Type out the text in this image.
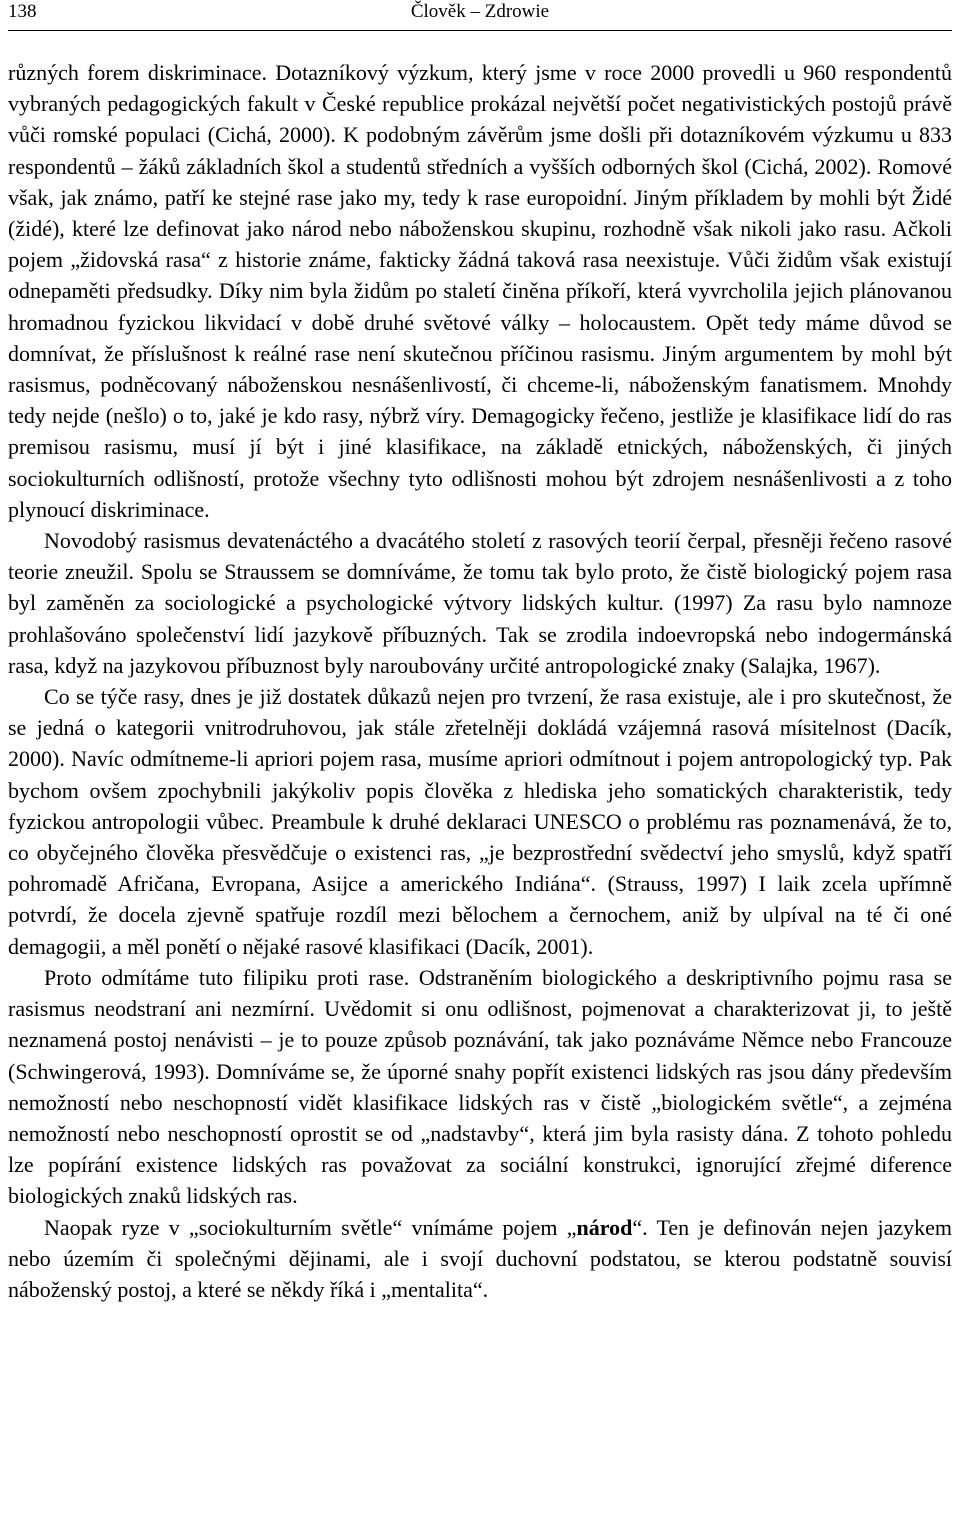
138	Člověk – Zdrowie

různých forem diskriminace. Dotazníkový výzkum, který jsme v roce 2000 provedli u 960 respondentů vybraných pedagogických fakult v České republice prokázal největší počet negativistických postojů právě vůči romské populaci (Cichá, 2000). K podobným závěrům jsme došli při dotazníkovém výzkumu u 833 respondentů – žáků základních škol a studentů středních a vyšších odborných škol (Cichá, 2002). Romové však, jak známo, patří ke stejné rase jako my, tedy k rase europoidní. Jiným příkladem by mohli být Židé (židé), které lze definovat jako národ nebo náboženskou skupinu, rozhodně však nikoli jako rasu. Ačkoli pojem „židovská rasa“ z historie známe, fakticky žádná taková rasa neexistuje. Vůči židům však existují odnepaměti předsudky. Díky nim byla židům po staletí činěna příkoří, která vyvrcholila jejich plánovanou hromadnou fyzickou likvidací v době druhé světové války – holocaustem. Opět tedy máme důvod se domnívat, že příslušnost k reálné rase není skutečnou příčinou rasismu. Jiným argumentem by mohl být rasismus, podněcovaný náboženskou nesnášenlivostí, či chceme-li, náboženským fanatismem. Mnohdy tedy nejde (nešlo) o to, jaké je kdo rasy, nýbrž víry. Demagogicky řečeno, jestliže je klasifikace lidí do ras premisou rasismu, musí jí být i jiné klasifikace, na základě etnických, náboženských, či jiných sociokulturních odlišností, protože všechny tyto odlišnosti mohou být zdrojem nesnášenlivosti a z toho plynoucí diskriminace.

Novodobý rasismus devatenáctého a dvacátého století z rasových teorií čerpal, přesněji řečeno rasové teorie zneužil. Spolu se Straussem se domníváme, že tomu tak bylo proto, že čistě biologický pojem rasa byl zaměněn za sociologické a psychologické výtvory lidských kultur. (1997) Za rasu bylo namnoze prohlašováno společenství lidí jazykově příbuzných. Tak se zrodila indoevropská nebo indogermánská rasa, když na jazykovou příbuznost byly naroubovány určité antropologické znaky (Salajka, 1967).

Co se týče rasy, dnes je již dostatek důkazů nejen pro tvrzení, že rasa existuje, ale i pro skutečnost, že se jedná o kategorii vnitrodruhovou, jak stále zřetelněji dokládá vzájemná rasová mísitelnost (Dacík, 2000). Navíc odmítneme-li apriori pojem rasa, musíme apriori odmítnout i pojem antropologický typ. Pak bychom ovšem zpochybnili jakýkoliv popis člověka z hlediska jeho somatických charakteristik, tedy fyzickou antropologii vůbec. Preambule k druhé deklaraci UNESCO o problému ras poznamenává, že to, co obyčejného člověka přesvědčuje o existenci ras, „je bezprostřední svědectví jeho smyslů, když spatří pohromadě Afričana, Evropana, Asijce a amerického Indiána“. (Strauss, 1997) I laik zcela upřímně potvrdí, že docela zjevně spatřuje rozdíl mezi bělochem a černochem, aniž by ulpíval na té či oné demagogii, a měl ponětí o nějaké rasové klasifikaci (Dacík, 2001).

Proto odmítáme tuto filipiku proti rase. Odstraněním biologického a deskriptivního pojmu rasa se rasismus neodstraní ani nezmírní. Uvědomit si onu odlišnost, pojmenovat a charakterizovat ji, to ještě neznamená postoj nenávisti – je to pouze způsob poznávání, tak jako poznáváme Němce nebo Francouze (Schwingerová, 1993). Domníváme se, že úporné snahy popřít existenci lidských ras jsou dány především nemožností nebo neschopností vidět klasifikace lidských ras v čistě „biologickém světle“, a zejména nemožností nebo neschopností oprostit se od „nadstavby“, která jim byla rasisty dána. Z tohoto pohledu lze popírání existence lidských ras považovat za sociální konstrukci, ignorující zřejmé diference biologických znaků lidských ras.

Naopak ryze v „sociokulturním světle“ vnímáme pojem „národ“. Ten je definován nejen jazykem nebo územím či společnými dějinami, ale i svojí duchovní podstatou, se kterou podstatně souvisí náboženský postoj, a které se někdy říká i „mentalita“.
